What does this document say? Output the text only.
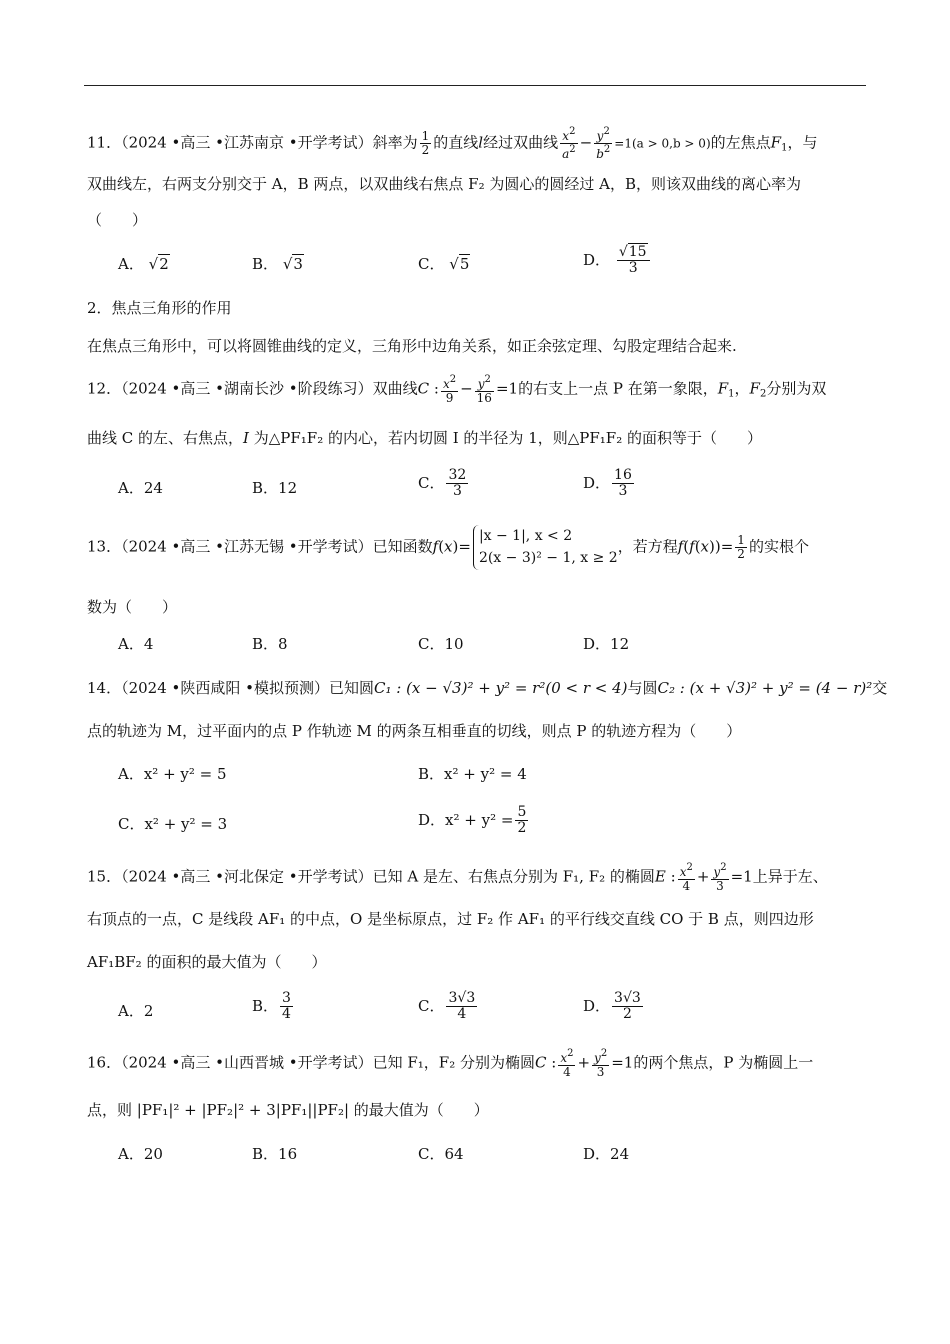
11．（2024 •高三 •江苏南京 •开学考试）斜率为 $\frac{1}{2}$ 的直线l经过双曲线 $\frac{x^2}{a^2} - \frac{y^2}{b^2} =1(a > 0,b > 0)$的左焦点$F_1$，与
双曲线左，右两支分别交于 A，B 两点，以双曲线右焦点 F₂ 为圆心的圆经过 A，B，则该双曲线的离心率为
（　　）
A． √2	B． √3	C． √5	D． $\frac{√15}{3}$
2．焦点三角形的作用
在焦点三角形中，可以将圆锥曲线的定义，三角形中边角关系，如正余弦定理、勾股定理结合起来.
12．（2024 •高三 •湖南长沙 •阶段练习）双曲线C : $\frac{x^2}{9} - \frac{y^2}{16} =1$的右支上一点 P 在第一象限，$F_1$，$F_2$分别为双
曲线 C 的左、右焦点，I 为△PF₁F₂ 的内心，若内切圆 I 的半径为 1，则△PF₁F₂ 的面积等于（　　）
A．24	B．12	C． $\frac{32}{3}$	D． $\frac{16}{3}$
13．（2024 •高三 •江苏无锡 •开学考试）已知函数f(x)=
|x − 1|, x < 2
2(x − 3)² − 1, x ≥ 2
，若方程$f(f(x))= \frac{1}{2}$ 的实根个
数为（　　）
A．4	B．8	C．10	D．12
14．（2024 •陕西咸阳 •模拟预测）已知圆C₁ : (x − √3)² + y² = r²(0 < r < 4)与圆C₂ : (x + √3)² + y² = (4 − r)²交
点的轨迹为 M，过平面内的点 P 作轨迹 M 的两条互相垂直的切线，则点 P 的轨迹方程为（　　）
A．x² + y² = 5	B．x² + y² = 4
C．x² + y² = 3	D．$x^2 + y^2 = \frac{5}{2}$
15．（2024 •高三 •河北保定 •开学考试）已知 A 是左、右焦点分别为 F₁, F₂ 的椭圆E : $\frac{x^2}{4} + \frac{y^2}{3} =1$上异于左、
右顶点的一点，C 是线段 AF₁ 的中点，O 是坐标原点，过 F₂ 作 AF₁ 的平行线交直线 CO 于 B 点，则四边形
AF₁BF₂ 的面积的最大值为（　　）
A．2	B． $\frac{3}{4}$	C． $\frac{3√3}{4}$	D． $\frac{3√3}{2}$
16．（2024 •高三 •山西晋城 •开学考试）已知 F₁，F₂ 分别为椭圆C : $\frac{x^2}{4} + \frac{y^2}{3} =1$的两个焦点，P 为椭圆上一
点，则 |PF₁|² + |PF₂|² + 3|PF₁||PF₂| 的最大值为（　　）
A．20	B．16	C．64	D．24
